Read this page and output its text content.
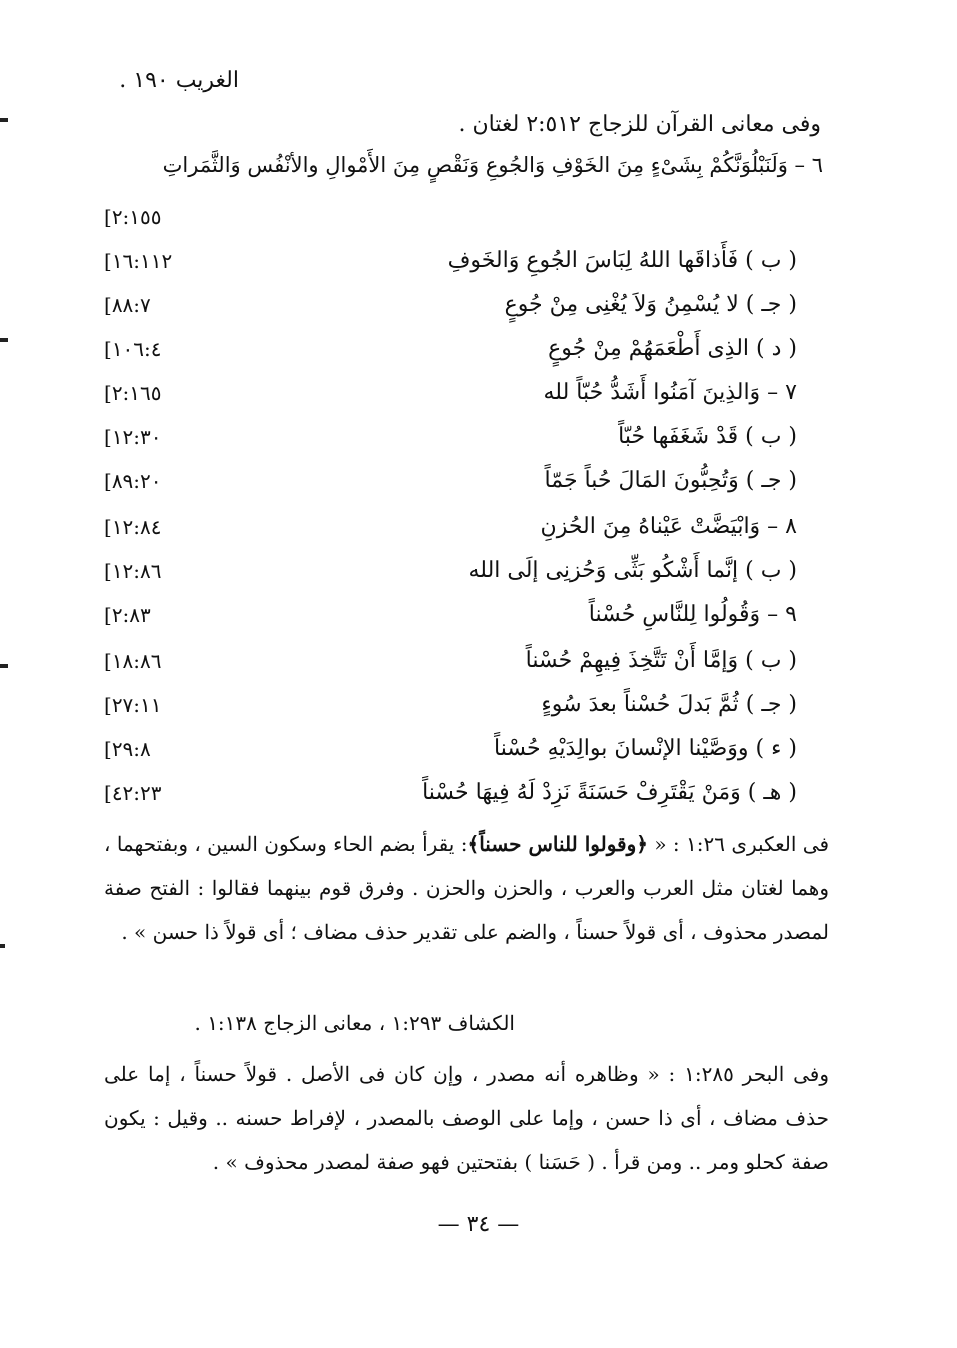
الغريب ١٩٠ .
وفى معانى القرآن للزجاج ٢:٥١٢ لغتان .
٦ – وَلَنَبْلُوَنَّكُمْ بِشَىْءٍ مِنَ الخَوْفِ وَالجُوعِ وَنَقْصٍ مِنَ الأَمْوالِ والأنْفُس وَالثَّمَراتِ
[٢:١٥٥
( ب ) فَأَذاقَها اللهُ لِبَاسَ الجُوعِ وَالخَوفِ
[١٦:١١٢
( جـ ) لا يُسْمِنُ وَلاَ يُغْنِى مِنْ جُوعٍ
[٨٨:٧
( د ) الذِى أَطْعَمَهُمْ مِنْ جُوعٍ
[١٠٦:٤
٧ – وَالذِينَ آمَنُوا أَشَدُّ حُبّاً لله
[٢:١٦٥
( ب ) قَدْ شَغَفَها حُبّاً
[١٢:٣٠
( جـ ) وَتُحِبُّونَ المَالَ حُباً جَمّاً
[٨٩:٢٠
٨ – وَابْيَضَّتْ عَيْناهُ مِنَ الحُزنِ
[١٢:٨٤
( ب ) إنَّما أَشْكُو بَثِّى وَحُزنِى إلَى الله
[١٢:٨٦
٩ – وَقُولُوا لِلنَّاسِ حُسْناً
[٢:٨٣
( ب ) وَإمَّا أَنْ تَتَّخِذَ فِيهِمْ حُسْناً
[١٨:٨٦
( جـ ) ثُمَّ بَدلَ حُسْناً بعدَ سُوءٍ
[٢٧:١١
( ء ) ووَصَّيْنا الإنْسانَ بوالِدَيْهِ حُسْناً
[٢٩:٨
( هـ ) وَمَنْ يَقْتَرِفْ حَسَنَةً نَزِدْ لَهُ فِيهَا حُسْناً
[٤٢:٢٣
فى العكبرى ١:٢٦ : « ﴿وقولوا للناس حسناً﴾: يقرأ بضم الحاء وسكون السين ، وبفتحهما ، وهما لغتان مثل العرب والعرب ، والحزن والحزن . وفرق قوم بينهما فقالوا : الفتح صفة لمصدر محذوف ، أى قولاً حسناً ، والضم على تقدير حذف مضاف ؛ أى قولاً ذا حسن » .
الكشاف ١:٢٩٣ ، معانى الزجاج ١:١٣٨ .
وفى البحر ١:٢٨٥ : « وظاهره أنه مصدر ، وإن كان فى الأصل . قولاً حسناً ، إما على حذف مضاف ، أى ذا حسن ، وإما على الوصف بالمصدر ، لإفراط حسنه .. وقيل : يكون صفة كحلو ومر .. ومن قرأ . ( حَسَنا ) بفتحتين فهو صفة لمصدر محذوف » .
— ٣٤ —
